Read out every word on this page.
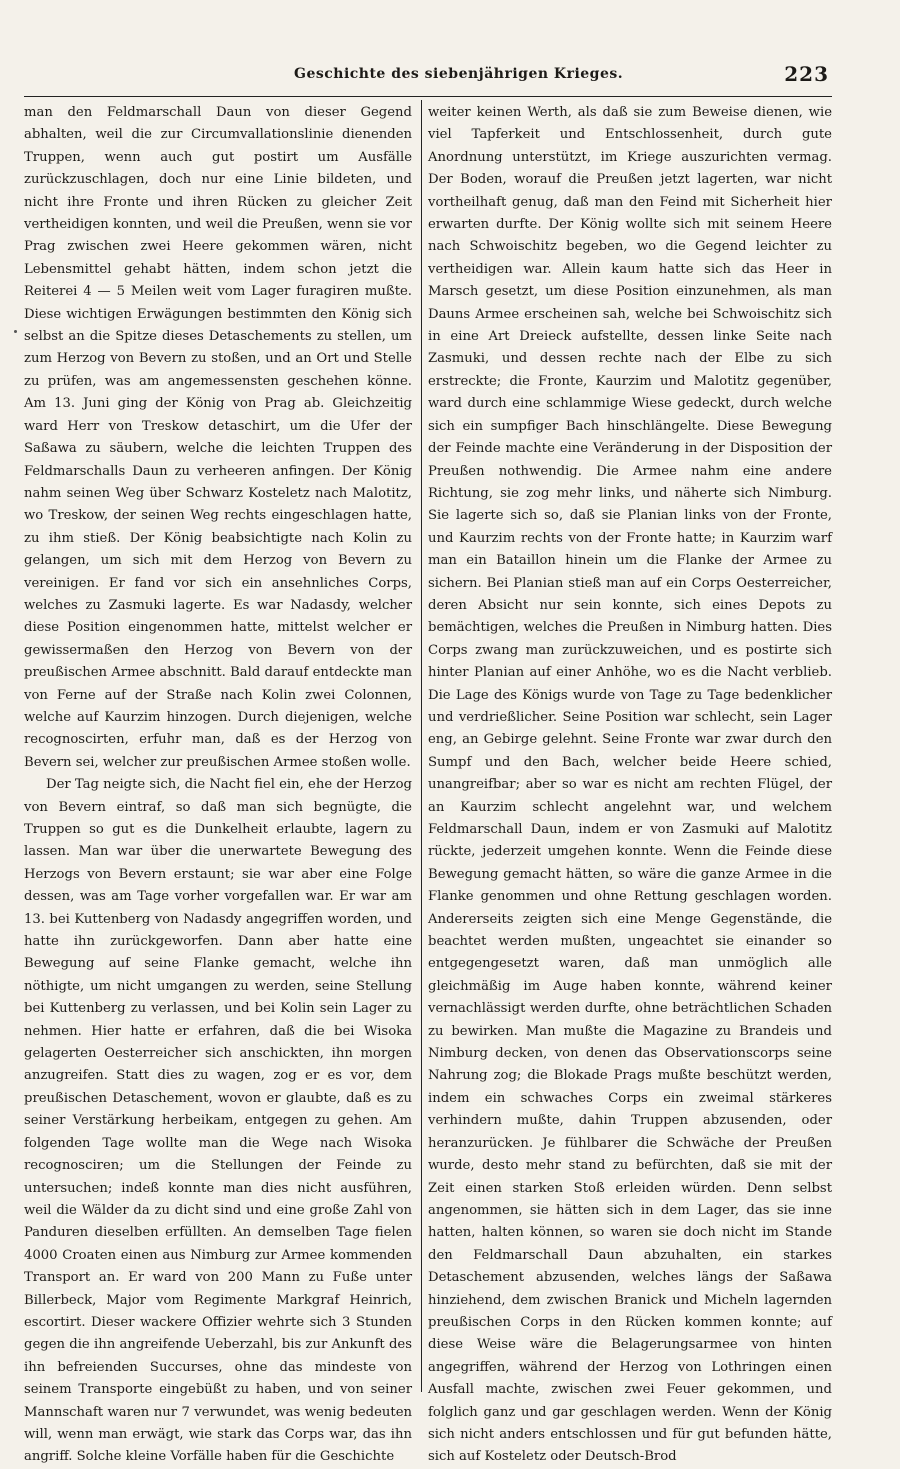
Geschichte des siebenjährigen Krieges.	223

man den Feldmarschall Daun von dieser Gegend abhalten, weil die zur Circumvallationslinie dienenden Truppen, wenn auch gut postirt um Ausfälle zurückzuschlagen, doch nur eine Linie bildeten, und nicht ihre Fronte und ihren Rücken zu gleicher Zeit vertheidigen konnten, und weil die Preußen, wenn sie vor Prag zwischen zwei Heere gekommen wären, nicht Lebensmittel gehabt hätten, indem schon jetzt die Reiterei 4 — 5 Meilen weit vom Lager furagiren mußte. Diese wichtigen Erwägungen bestimmten den König sich selbst an die Spitze dieses Detaschements zu stellen, um zum Herzog von Bevern zu stoßen, und an Ort und Stelle zu prüfen, was am angemessensten geschehen könne. Am 13. Juni ging der König von Prag ab. Gleichzeitig ward Herr von Treskow detaschirt, um die Ufer der Saßawa zu säubern, welche die leichten Truppen des Feldmarschalls Daun zu verheeren anfingen. Der König nahm seinen Weg über Schwarz Kosteletz nach Malotitz, wo Treskow, der seinen Weg rechts eingeschlagen hatte, zu ihm stieß. Der König beabsichtigte nach Kolin zu gelangen, um sich mit dem Herzog von Bevern zu vereinigen. Er fand vor sich ein ansehnliches Corps, welches zu Zasmuki lagerte. Es war Nadasdy, welcher diese Position eingenommen hatte, mittelst welcher er gewissermaßen den Herzog von Bevern von der preußischen Armee abschnitt. Bald darauf entdeckte man von Ferne auf der Straße nach Kolin zwei Colonnen, welche auf Kaurzim hinzogen. Durch diejenigen, welche recognoscirten, erfuhr man, daß es der Herzog von Bevern sei, welcher zur preußischen Armee stoßen wolle.

Der Tag neigte sich, die Nacht fiel ein, ehe der Herzog von Bevern eintraf, so daß man sich begnügte, die Truppen so gut es die Dunkelheit erlaubte, lagern zu lassen. Man war über die unerwartete Bewegung des Herzogs von Bevern erstaunt; sie war aber eine Folge dessen, was am Tage vorher vorgefallen war. Er war am 13. bei Kuttenberg von Nadasdy angegriffen worden, und hatte ihn zurückgeworfen. Dann aber hatte eine Bewegung auf seine Flanke gemacht, welche ihn nöthigte, um nicht umgangen zu werden, seine Stellung bei Kuttenberg zu verlassen, und bei Kolin sein Lager zu nehmen. Hier hatte er erfahren, daß die bei Wisoka gelagerten Oesterreicher sich anschickten, ihn morgen anzugreifen. Statt dies zu wagen, zog er es vor, dem preußischen Detaschement, wovon er glaubte, daß es zu seiner Verstärkung herbeikam, entgegen zu gehen. Am folgenden Tage wollte man die Wege nach Wisoka recognosciren; um die Stellungen der Feinde zu untersuchen; indeß konnte man dies nicht ausführen, weil die Wälder da zu dicht sind und eine große Zahl von Panduren dieselben erfüllten. An demselben Tage fielen 4000 Croaten einen aus Nimburg zur Armee kommenden Transport an. Er ward von 200 Mann zu Fuße unter Billerbeck, Major vom Regimente Markgraf Heinrich, escortirt. Dieser wackere Offizier wehrte sich 3 Stunden gegen die ihn angreifende Ueberzahl, bis zur Ankunft des ihn befreienden Succurses, ohne das mindeste von seinem Transporte eingebüßt zu haben, und von seiner Mannschaft waren nur 7 verwundet, was wenig bedeuten will, wenn man erwägt, wie stark das Corps war, das ihn angriff. Solche kleine Vorfälle haben für die Geschichte

weiter keinen Werth, als daß sie zum Beweise dienen, wie viel Tapferkeit und Entschlossenheit, durch gute Anordnung unterstützt, im Kriege auszurichten vermag. Der Boden, worauf die Preußen jetzt lagerten, war nicht vortheilhaft genug, daß man den Feind mit Sicherheit hier erwarten durfte. Der König wollte sich mit seinem Heere nach Schwoischitz begeben, wo die Gegend leichter zu vertheidigen war. Allein kaum hatte sich das Heer in Marsch gesetzt, um diese Position einzunehmen, als man Dauns Armee erscheinen sah, welche bei Schwoischitz sich in eine Art Dreieck aufstellte, dessen linke Seite nach Zasmuki, und dessen rechte nach der Elbe zu sich erstreckte; die Fronte, Kaurzim und Malotitz gegenüber, ward durch eine schlammige Wiese gedeckt, durch welche sich ein sumpfiger Bach hinschlängelte. Diese Bewegung der Feinde machte eine Veränderung in der Disposition der Preußen nothwendig. Die Armee nahm eine andere Richtung, sie zog mehr links, und näherte sich Nimburg. Sie lagerte sich so, daß sie Planian links von der Fronte, und Kaurzim rechts von der Fronte hatte; in Kaurzim warf man ein Bataillon hinein um die Flanke der Armee zu sichern. Bei Planian stieß man auf ein Corps Oesterreicher, deren Absicht nur sein konnte, sich eines Depots zu bemächtigen, welches die Preußen in Nimburg hatten. Dies Corps zwang man zurückzuweichen, und es postirte sich hinter Planian auf einer Anhöhe, wo es die Nacht verblieb. Die Lage des Königs wurde von Tage zu Tage bedenklicher und verdrießlicher. Seine Position war schlecht, sein Lager eng, an Gebirge gelehnt. Seine Fronte war zwar durch den Sumpf und den Bach, welcher beide Heere schied, unangreifbar; aber so war es nicht am rechten Flügel, der an Kaurzim schlecht angelehnt war, und welchem Feldmarschall Daun, indem er von Zasmuki auf Malotitz rückte, jederzeit umgehen konnte. Wenn die Feinde diese Bewegung gemacht hätten, so wäre die ganze Armee in die Flanke genommen und ohne Rettung geschlagen worden. Andererseits zeigten sich eine Menge Gegenstände, die beachtet werden mußten, ungeachtet sie einander so entgegengesetzt waren, daß man unmöglich alle gleichmäßig im Auge haben konnte, während keiner vernachlässigt werden durfte, ohne beträchtlichen Schaden zu bewirken. Man mußte die Magazine zu Brandeis und Nimburg decken, von denen das Observationscorps seine Nahrung zog; die Blokade Prags mußte beschützt werden, indem ein schwaches Corps ein zweimal stärkeres verhindern mußte, dahin Truppen abzusenden, oder heranzurücken. Je fühlbarer die Schwäche der Preußen wurde, desto mehr stand zu befürchten, daß sie mit der Zeit einen starken Stoß erleiden würden. Denn selbst angenommen, sie hätten sich in dem Lager, das sie inne hatten, halten können, so waren sie doch nicht im Stande den Feldmarschall Daun abzuhalten, ein starkes Detaschement abzusenden, welches längs der Saßawa hinziehend, dem zwischen Branick und Micheln lagernden preußischen Corps in den Rücken kommen konnte; auf diese Weise wäre die Belagerungsarmee von hinten angegriffen, während der Herzog von Lothringen einen Ausfall machte, zwischen zwei Feuer gekommen, und folglich ganz und gar geschlagen werden. Wenn der König sich nicht anders entschlossen und für gut befunden hätte, sich auf Kosteletz oder Deutsch-Brod
